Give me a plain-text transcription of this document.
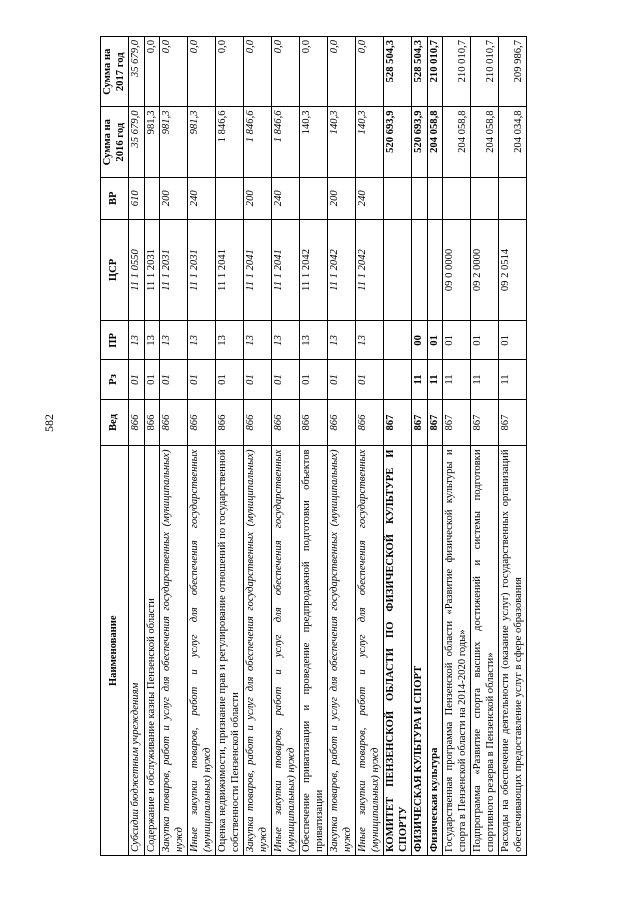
582
Наименование	Вед	Рз	ПР	ЦСР	ВР	Сумма на 2016 год	Сумма на 2017 год
Субсидии бюджетным учреждениям	866	01	13	11 1 0550	610	35 679,0	35 679,0
Содержание и обслуживание казны Пензенской области	866	01	13	11 1 2031		981,3	0,0
Закупка товаров, работ и услуг для обеспечения государственных (муниципальных) нужд	866	01	13	11 1 2031	200	981,3	0,0
Иные закупки товаров, работ и услуг для обеспечения государственных (муниципальных) нужд	866	01	13	11 1 2031	240	981,3	0,0
Оценка недвижимости, признание прав и регулирование отношений по государственной собственности Пензенской области	866	01	13	11 1 2041		1 846,6	0,0
Закупка товаров, работ и услуг для обеспечения государственных (муниципальных) нужд	866	01	13	11 1 2041	200	1 846,6	0,0
Иные закупки товаров, работ и услуг для обеспечения государственных (муниципальных) нужд	866	01	13	11 1 2041	240	1 846,6	0,0
Обеспечение приватизации и проведение предпродажной подготовки объектов приватизации	866	01	13	11 1 2042		140,3	0,0
Закупка товаров, работ и услуг для обеспечения государственных (муниципальных) нужд	866	01	13	11 1 2042	200	140,3	0,0
Иные закупки товаров, работ и услуг для обеспечения государственных (муниципальных) нужд	866	01	13	11 1 2042	240	140,3	0,0
КОМИТЕТ ПЕНЗЕНСКОЙ ОБЛАСТИ ПО ФИЗИЧЕСКОЙ КУЛЬТУРЕ И СПОРТУ	867					520 693,9	528 504,3
ФИЗИЧЕСКАЯ КУЛЬТУРА И СПОРТ	867	11	00			520 693,9	528 504,3
Физическая культура	867	11	01			204 058,8	210 010,7
Государственная программа Пензенской области «Развитие физической культуры и спорта в Пензенской области на 2014-2020 годы»	867	11	01	09 0 0000		204 058,8	210 010,7
Подпрограмма «Развитие спорта высших достижений и системы подготовки спортивного резерва в Пензенской области»	867	11	01	09 2 0000		204 058,8	210 010,7
Расходы на обеспечение деятельности (оказание услуг) государственных организаций обеспечивающих предоставление услуг в сфере образования	867	11	01	09 2 0514		204 034,8	209 986,7
